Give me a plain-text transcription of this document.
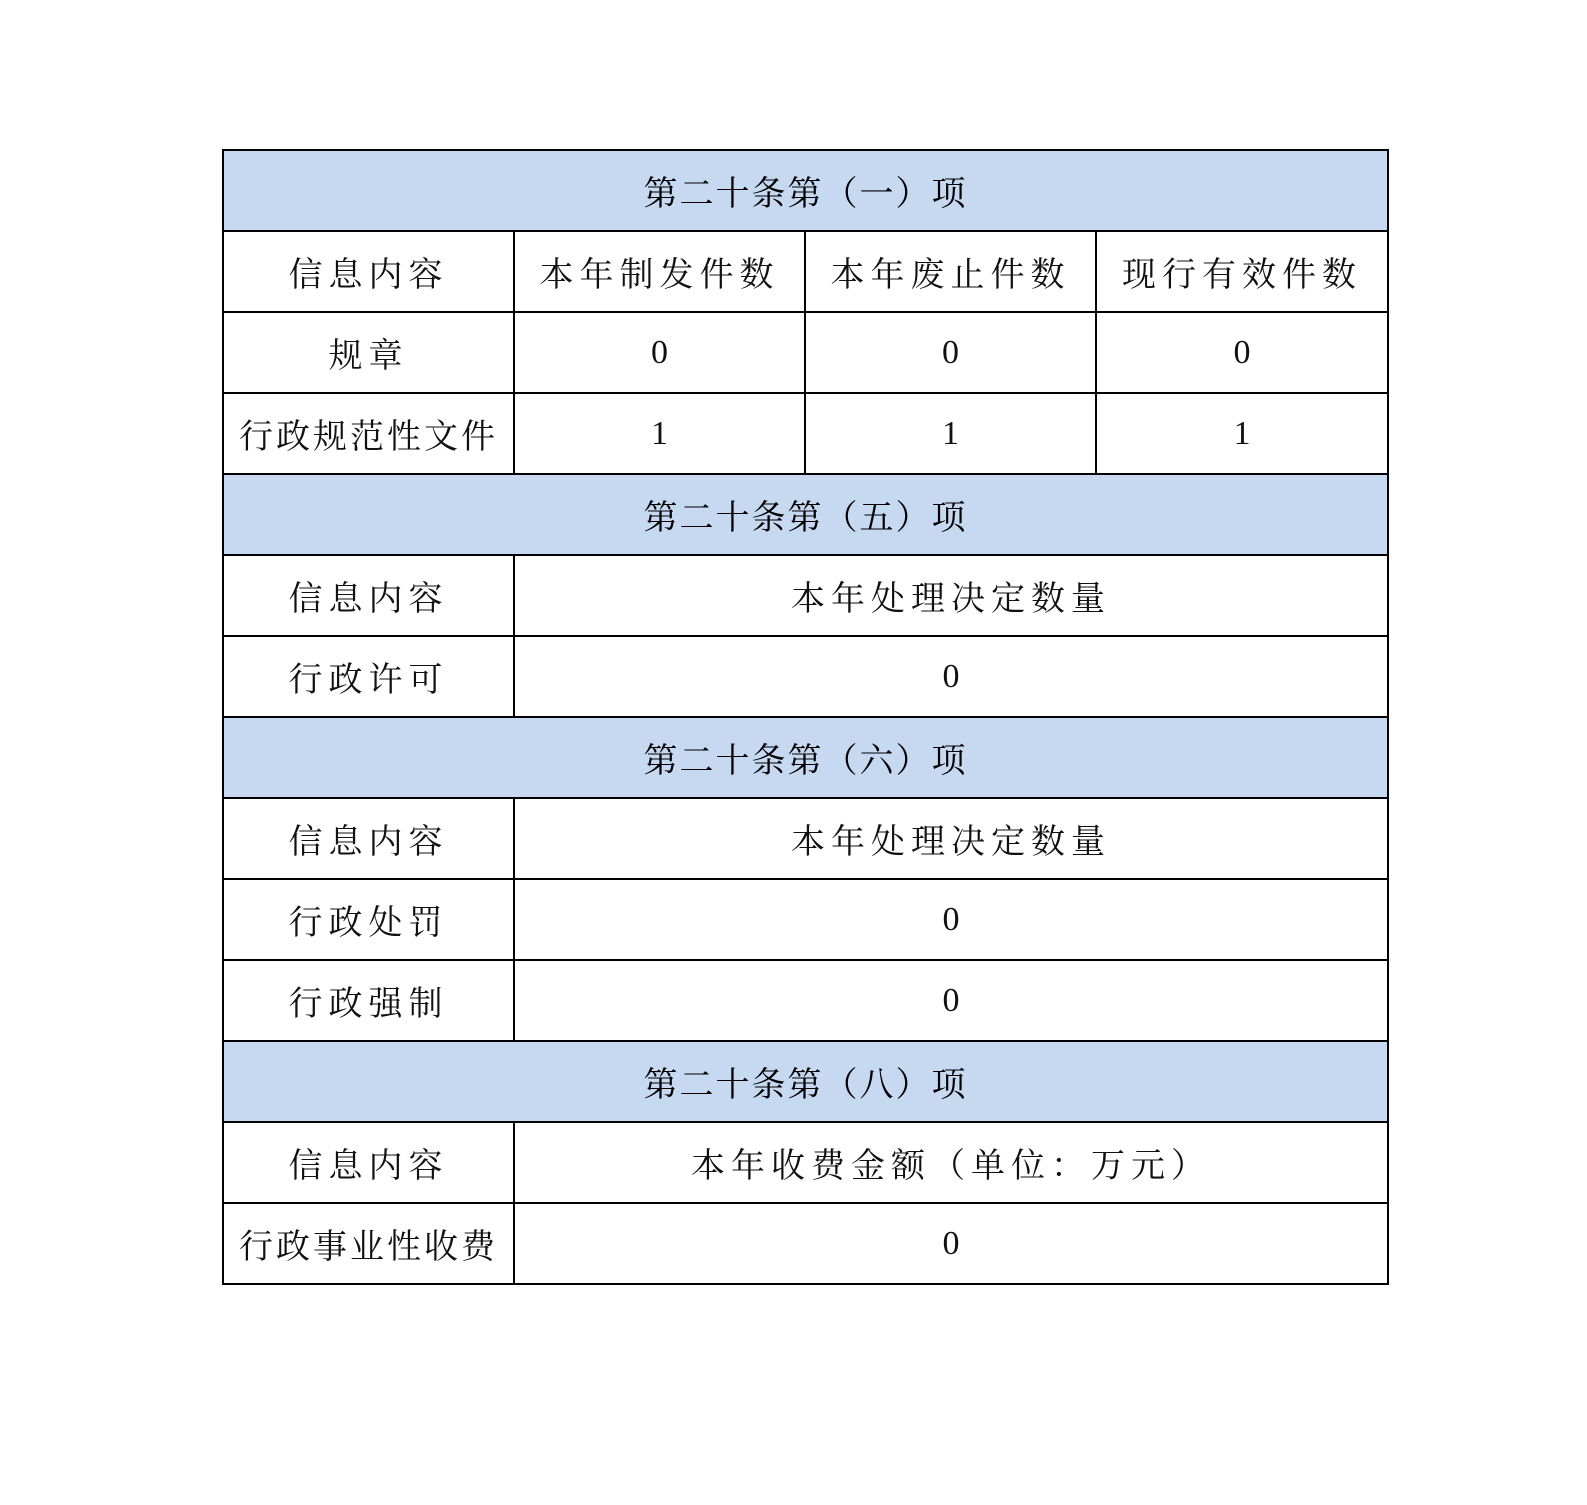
第二十条第（一）项			
信息内容	本年制发件数	本年废止件数	现行有效件数
规章	0	0	0
行政规范性文件	1	1	1
第二十条第（五）项			
信息内容	本年处理决定数量		
行政许可	0		
第二十条第（六）项			
信息内容	本年处理决定数量		
行政处罚	0		
行政强制	0		
第二十条第（八）项			
信息内容	本年收费金额（单位：万元）		
行政事业性收费	0		
